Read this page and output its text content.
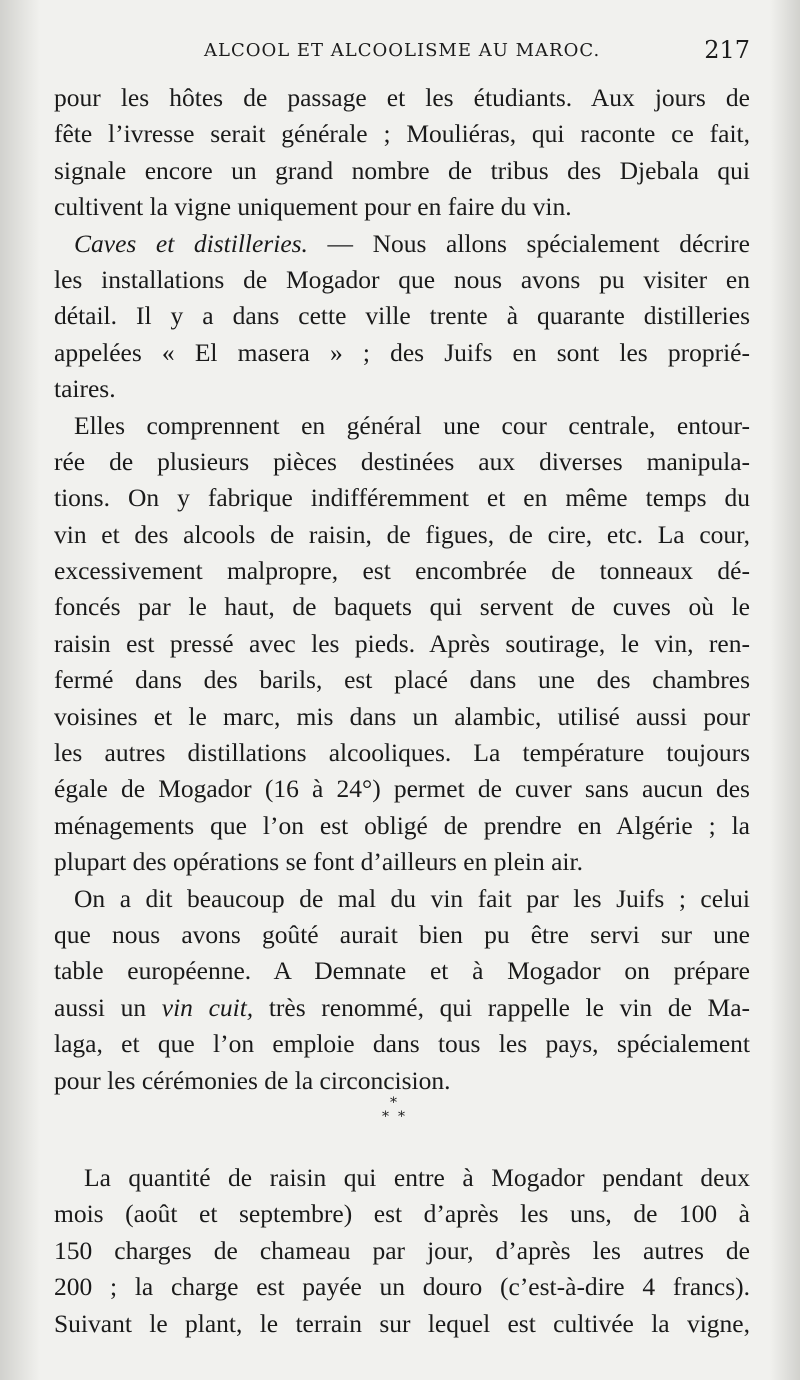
ALCOOL ET ALCOOLISME AU MAROC.	217
pour les hôtes de passage et les étudiants. Aux jours de
fête l’ivresse serait générale ; Mouliéras, qui raconte ce fait,
signale encore un grand nombre de tribus des Djebala qui
cultivent la vigne uniquement pour en faire du vin.
Caves et distilleries. — Nous allons spécialement décrire
les installations de Mogador que nous avons pu visiter en
détail. Il y a dans cette ville trente à quarante distilleries
appelées « El masera » ; des Juifs en sont les proprié-
taires.
Elles comprennent en général une cour centrale, entour-
rée de plusieurs pièces destinées aux diverses manipula-
tions. On y fabrique indifféremment et en même temps du
vin et des alcools de raisin, de figues, de cire, etc. La cour,
excessivement malpropre, est encombrée de tonneaux dé-
foncés par le haut, de baquets qui servent de cuves où le
raisin est pressé avec les pieds. Après soutirage, le vin, ren-
fermé dans des barils, est placé dans une des chambres
voisines et le marc, mis dans un alambic, utilisé aussi pour
les autres distillations alcooliques. La température toujours
égale de Mogador (16 à 24°) permet de cuver sans aucun des
ménagements que l’on est obligé de prendre en Algérie ; la
plupart des opérations se font d’ailleurs en plein air.
On a dit beaucoup de mal du vin fait par les Juifs ; celui
que nous avons goûté aurait bien pu être servi sur une
table européenne. A Demnate et à Mogador on prépare
aussi un vin cuit, très renommé, qui rappelle le vin de Ma-
laga, et que l’on emploie dans tous les pays, spécialement
pour les cérémonies de la circoncision.
*
* *
La quantité de raisin qui entre à Mogador pendant deux
mois (août et septembre) est d’après les uns, de 100 à
150 charges de chameau par jour, d’après les autres de
200 ; la charge est payée un douro (c’est-à-dire 4 francs).
Suivant le plant, le terrain sur lequel est cultivée la vigne,
